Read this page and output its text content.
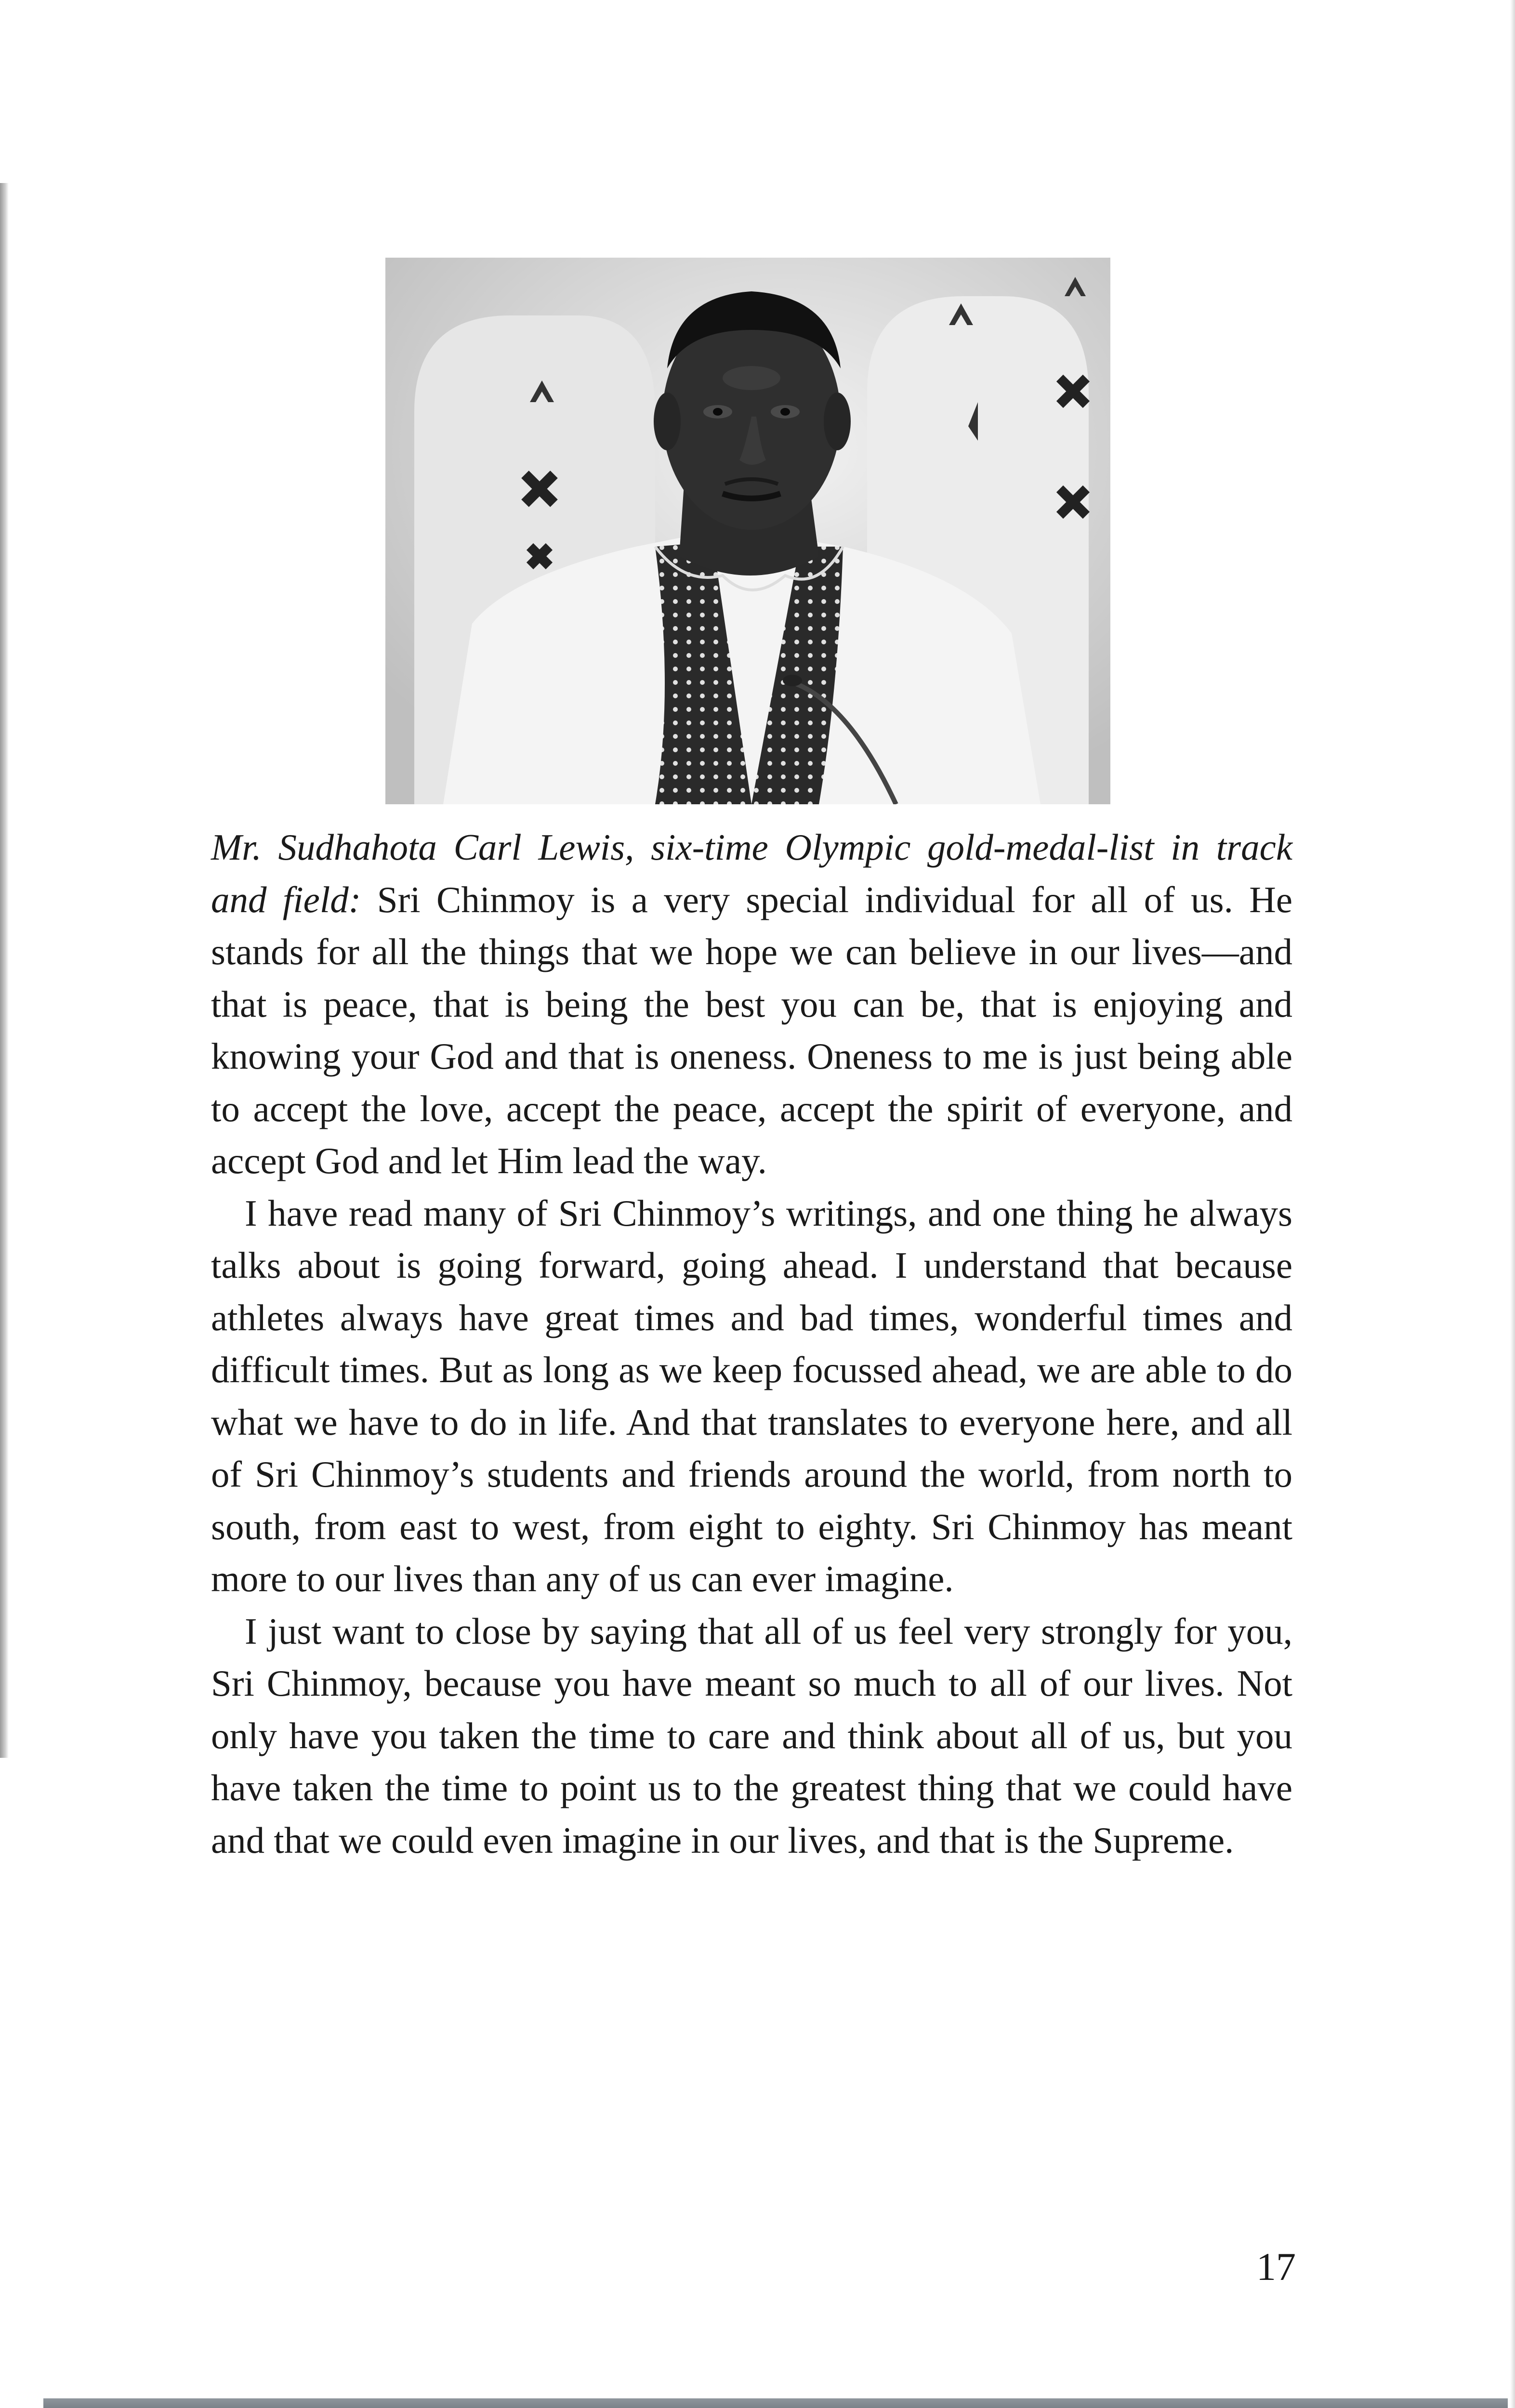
Mr. Sudhahota Carl Lewis, six-time Olympic gold-medal-list in track and field: Sri Chinmoy is a very special individual for all of us. He stands for all the things that we hope we can believe in our lives—and that is peace, that is being the best you can be, that is enjoying and knowing your God and that is oneness. Oneness to me is just being able to accept the love, accept the peace, accept the spirit of everyone, and accept God and let Him lead the way.

I have read many of Sri Chinmoy’s writings, and one thing he always talks about is going forward, going ahead. I understand that because athletes always have great times and bad times, wonderful times and difficult times. But as long as we keep focussed ahead, we are able to do what we have to do in life. And that translates to everyone here, and all of Sri Chinmoy’s students and friends around the world, from north to south, from east to west, from eight to eighty. Sri Chinmoy has meant more to our lives than any of us can ever imagine.

I just want to close by saying that all of us feel very strongly for you, Sri Chinmoy, because you have meant so much to all of our lives. Not only have you taken the time to care and think about all of us, but you have taken the time to point us to the greatest thing that we could have and that we could even imagine in our lives, and that is the Supreme.

17
